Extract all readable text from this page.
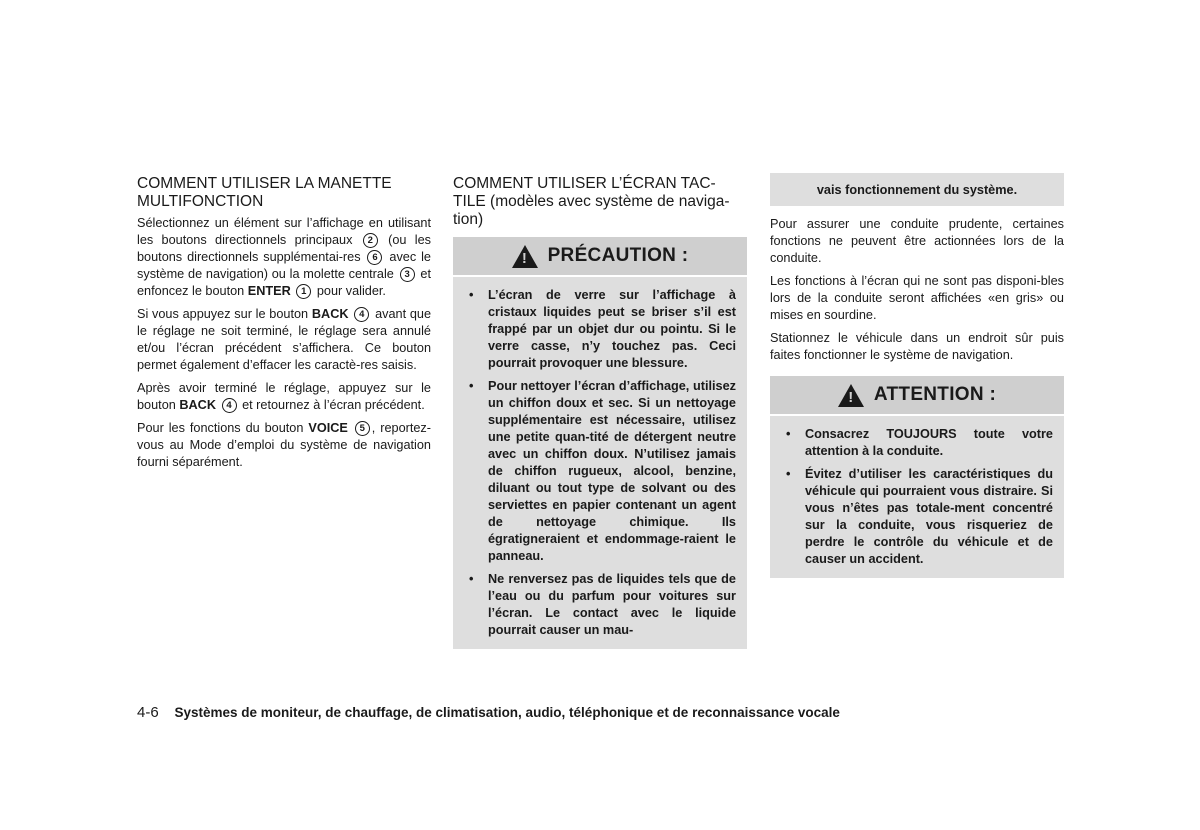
COMMENT UTILISER LA MANETTE MULTIFONCTION

Sélectionnez un élément sur l’affichage en utilisant les boutons directionnels principaux 2 (ou les boutons directionnels supplémentai-res 6 avec le système de navigation) ou la molette centrale 3 et enfoncez le bouton ENTER 1 pour valider.

Si vous appuyez sur le bouton BACK 4 avant que le réglage ne soit terminé, le réglage sera annulé et/ou l’écran précédent s’affichera. Ce bouton permet également d’effacer les caractè-res saisis.

Après avoir terminé le réglage, appuyez sur le bouton BACK 4 et retournez à l’écran précédent.

Pour les fonctions du bouton VOICE 5 , reportez-vous au Mode d’emploi du système de navigation fourni séparément.

COMMENT UTILISER L’ÉCRAN TAC-TILE (modèles avec système de naviga-tion)
! PRÉCAUTION :
• L’écran de verre sur l’affichage à cristaux liquides peut se briser s’il est frappé par un objet dur ou pointu. Si le verre casse, n’y touchez pas. Ceci pourrait provoquer une blessure.
• Pour nettoyer l’écran d’affichage, utilisez un chiffon doux et sec. Si un nettoyage supplémentaire est nécessaire, utilisez une petite quan-tité de détergent neutre avec un chiffon doux. N’utilisez jamais de chiffon rugueux, alcool, benzine, diluant ou tout type de solvant ou des serviettes en papier contenant un agent de nettoyage chimique. Ils égratigneraient et endommage-raient le panneau.
• Ne renversez pas de liquides tels que de l’eau ou du parfum pour voitures sur l’écran. Le contact avec le liquide pourrait causer un mau-
vais fonctionnement du système.

Pour assurer une conduite prudente, certaines fonctions ne peuvent être actionnées lors de la conduite.

Les fonctions à l’écran qui ne sont pas disponi-bles lors de la conduite seront affichées «en gris» ou mises en sourdine.

Stationnez le véhicule dans un endroit sûr puis faites fonctionner le système de navigation.

! ATTENTION :
• Consacrez TOUJOURS toute votre attention à la conduite.
• Évitez d’utiliser les caractéristiques du véhicule qui pourraient vous distraire. Si vous n’êtes pas totale-ment concentré sur la conduite, vous risqueriez de perdre le contrôle du véhicule et de causer un accident.
4-6 Systèmes de moniteur, de chauffage, de climatisation, audio, téléphonique et de reconnaissance vocale
